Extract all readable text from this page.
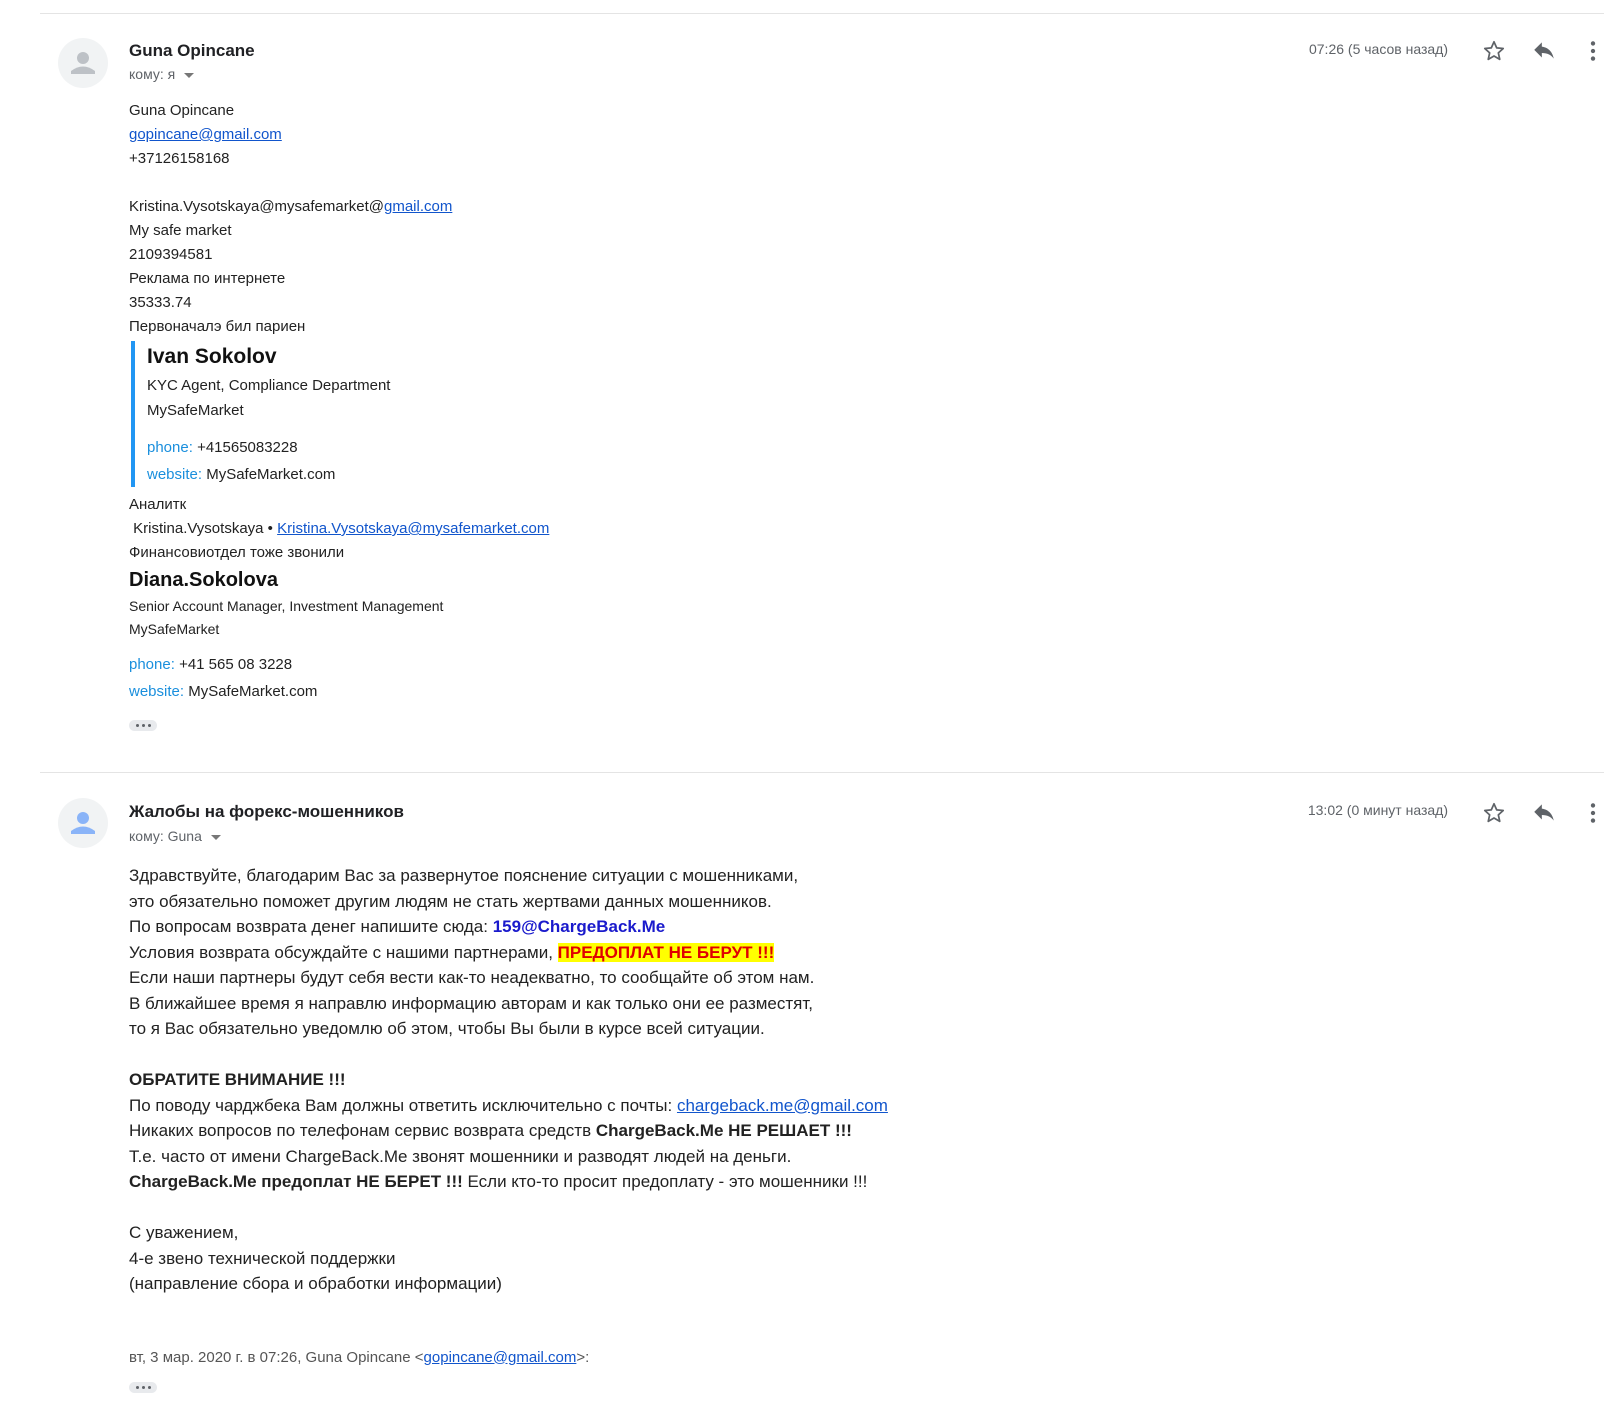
Guna Opincane
кому: я
07:26 (5 часов назад)
Guna Opincane
gopincane@gmail.com
+37126158168
Kristina.Vysotskaya@mysafemarket@gmail.com
My safe market
2109394581
Реклама по интернете
35333.74
Первоначалэ бил париен
Ivan Sokolov
KYC Agent, Compliance Department
MySafeMarket
phone: +41565083228
website: MySafeMarket.com
Аналитк
Kristina.Vysotskaya • Kristina.Vysotskaya@mysafemarket.com
Финансовиотдел тоже звонили
Diana.Sokolova
Senior Account Manager, Investment Management
MySafeMarket
phone: +41 565 08 3228
website: MySafeMarket.com
Жалобы на форекс-мошенников
кому: Guna
13:02 (0 минут назад)
Здравствуйте, благодарим Вас за развернутое пояснение ситуации с мошенниками,
это обязательно поможет другим людям не стать жертвами данных мошенников.
По вопросам возврата денег напишите сюда: 159@ChargeBack.Me
Условия возврата обсуждайте с нашими партнерами, ПРЕДОПЛАТ НЕ БЕРУТ !!!
Если наши партнеры будут себя вести как-то неадекватно, то сообщайте об этом нам.
В ближайшее время я направлю информацию авторам и как только они ее разместят,
то я Вас обязательно уведомлю об этом, чтобы Вы были в курсе всей ситуации.
ОБРАТИТЕ ВНИМАНИЕ !!!
По поводу чарджбека Вам должны ответить исключительно с почты: chargeback.me@gmail.com
Никаких вопросов по телефонам сервис возврата средств ChargeBack.Me НЕ РЕШАЕТ !!!
Т.е. часто от имени ChargeBack.Me звонят мошенники и разводят людей на деньги.
ChargeBack.Me предоплат НЕ БЕРЕТ !!! Если кто-то просит предоплату - это мошенники !!!
С уважением,
4-е звено технической поддержки
(направление сбора и обработки информации)
вт, 3 мар. 2020 г. в 07:26, Guna Opincane <gopincane@gmail.com>:
